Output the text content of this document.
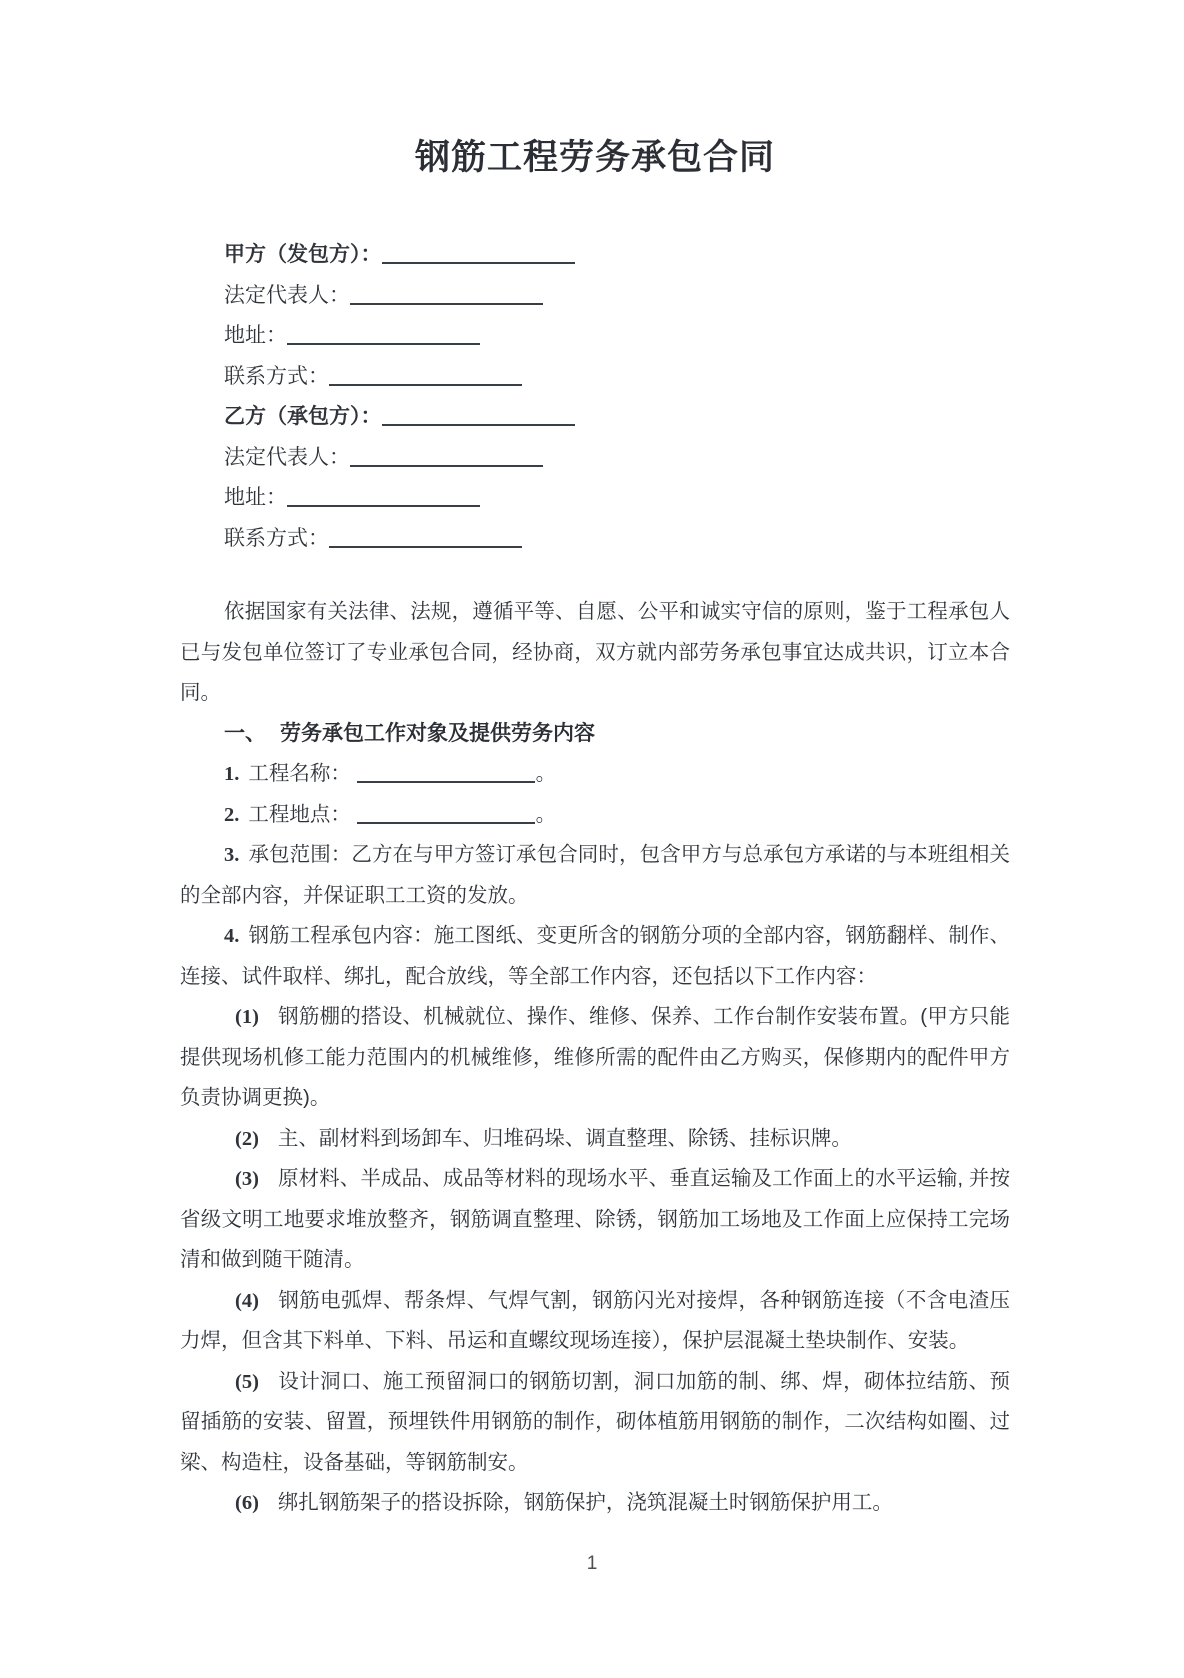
钢筋工程劳务承包合同
甲方（发包方）：
法定代表人：
地址：
联系方式：
乙方（承包方）：
法定代表人：
地址：
联系方式：

依据国家有关法律、法规，遵循平等、自愿、公平和诚实守信的原则，鉴于工程承包人已与发包单位签订了专业承包合同，经协商，双方就内部劳务承包事宜达成共识，订立本合同。

一、 劳务承包工作对象及提供劳务内容

1. 工程名称：	。

2. 工程地点：	。

3. 承包范围：乙方在与甲方签订承包合同时，包含甲方与总承包方承诺的与本班组相关的全部内容，并保证职工工资的发放。

4. 钢筋工程承包内容：施工图纸、变更所含的钢筋分项的全部内容，钢筋翻样、制作、连接、试件取样、绑扎，配合放线，等全部工作内容，还包括以下工作内容：

(1) 钢筋棚的搭设、机械就位、操作、维修、保养、工作台制作安装布置。(甲方只能提供现场机修工能力范围内的机械维修，维修所需的配件由乙方购买，保修期内的配件甲方负责协调更换)。

(2) 主、副材料到场卸车、归堆码垛、调直整理、除锈、挂标识牌。

(3) 原材料、半成品、成品等材料的现场水平、垂直运输及工作面上的水平运输, 并按省级文明工地要求堆放整齐，钢筋调直整理、除锈，钢筋加工场地及工作面上应保持工完场清和做到随干随清。

(4) 钢筋电弧焊、帮条焊、气焊气割，钢筋闪光对接焊，各种钢筋连接（不含电渣压力焊，但含其下料单、下料、吊运和直螺纹现场连接），保护层混凝土垫块制作、安装。

(5) 设计洞口、施工预留洞口的钢筋切割，洞口加筋的制、绑、焊，砌体拉结筋、预留插筋的安装、留置，预埋铁件用钢筋的制作，砌体植筋用钢筋的制作，二次结构如圈、过梁、构造柱，设备基础，等钢筋制安。

(6) 绑扎钢筋架子的搭设拆除，钢筋保护，浇筑混凝土时钢筋保护用工。

1
